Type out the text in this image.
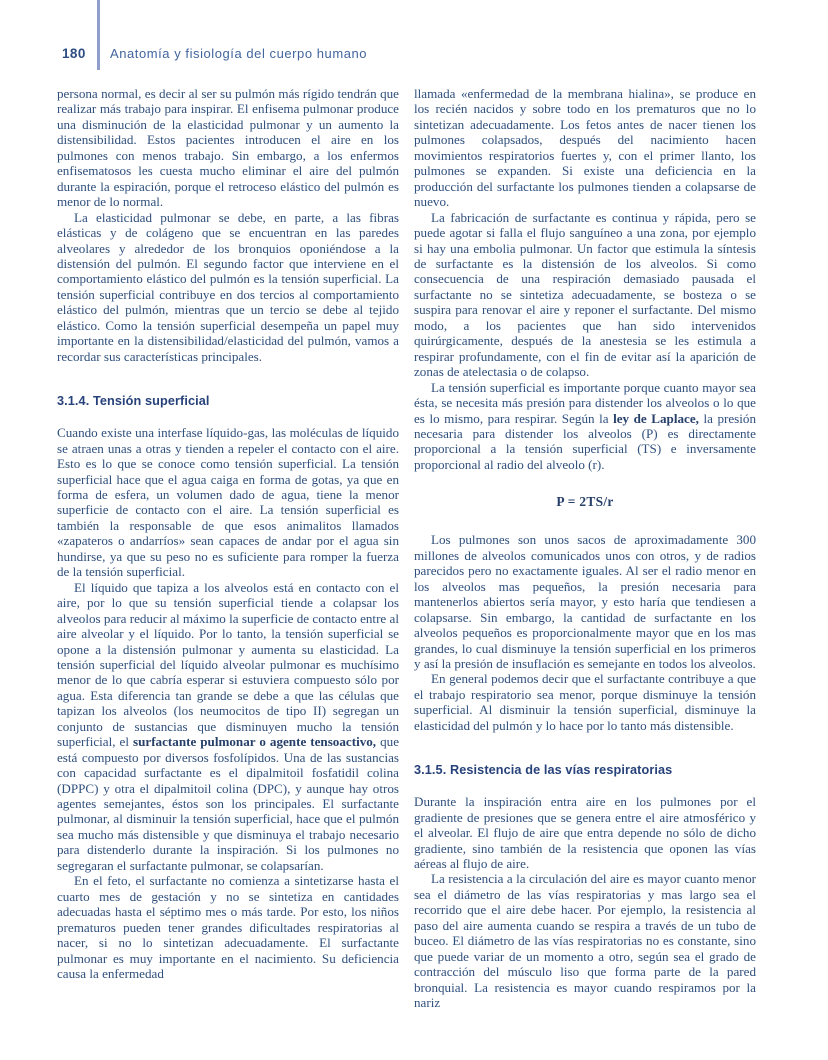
180 Anatomía y fisiología del cuerpo humano

persona normal, es decir al ser su pulmón más rígido tendrán que realizar más trabajo para inspirar. El enfisema pulmonar produce una disminución de la elasticidad pulmonar y un aumento la distensibilidad. Estos pacientes introducen el aire en los pulmones con menos trabajo. Sin embargo, a los enfermos enfisematosos les cuesta mucho eliminar el aire del pulmón durante la espiración, porque el retroceso elástico del pulmón es menor de lo normal.

La elasticidad pulmonar se debe, en parte, a las fibras elásticas y de colágeno que se encuentran en las paredes alveolares y alrededor de los bronquios oponiéndose a la distensión del pulmón. El segundo factor que interviene en el comportamiento elástico del pulmón es la tensión superficial. La tensión superficial contribuye en dos tercios al comportamiento elástico del pulmón, mientras que un tercio se debe al tejido elástico. Como la tensión superficial desempeña un papel muy importante en la distensibilidad/elasticidad del pulmón, vamos a recordar sus características principales.

3.1.4. Tensión superficial

Cuando existe una interfase líquido-gas, las moléculas de líquido se atraen unas a otras y tienden a repeler el contacto con el aire. Esto es lo que se conoce como tensión superficial. La tensión superficial hace que el agua caiga en forma de gotas, ya que en forma de esfera, un volumen dado de agua, tiene la menor superficie de contacto con el aire. La tensión superficial es también la responsable de que esos animalitos llamados «zapateros o andarríos» sean capaces de andar por el agua sin hundirse, ya que su peso no es suficiente para romper la fuerza de la tensión superficial.

El líquido que tapiza a los alveolos está en contacto con el aire, por lo que su tensión superficial tiende a colapsar los alveolos para reducir al máximo la superficie de contacto entre al aire alveolar y el líquido. Por lo tanto, la tensión superficial se opone a la distensión pulmonar y aumenta su elasticidad. La tensión superficial del líquido alveolar pulmonar es muchísimo menor de lo que cabría esperar si estuviera compuesto sólo por agua. Esta diferencia tan grande se debe a que las células que tapizan los alveolos (los neumocitos de tipo II) segregan un conjunto de sustancias que disminuyen mucho la tensión superficial, el surfactante pulmonar o agente tensoactivo, que está compuesto por diversos fosfolípidos. Una de las sustancias con capacidad surfactante es el dipalmitoil fosfatidil colina (DPPC) y otra el dipalmitoil colina (DPC), y aunque hay otros agentes semejantes, éstos son los principales. El surfactante pulmonar, al disminuir la tensión superficial, hace que el pulmón sea mucho más distensible y que disminuya el trabajo necesario para distenderlo durante la inspiración. Si los pulmones no segregaran el surfactante pulmonar, se colapsarían.

En el feto, el surfactante no comienza a sintetizarse hasta el cuarto mes de gestación y no se sintetiza en cantidades adecuadas hasta el séptimo mes o más tarde. Por esto, los niños prematuros pueden tener grandes dificultades respiratorias al nacer, si no lo sintetizan adecuadamente. El surfactante pulmonar es muy importante en el nacimiento. Su deficiencia causa la enfermedad

llamada «enfermedad de la membrana hialina», se produce en los recién nacidos y sobre todo en los prematuros que no lo sintetizan adecuadamente. Los fetos antes de nacer tienen los pulmones colapsados, después del nacimiento hacen movimientos respiratorios fuertes y, con el primer llanto, los pulmones se expanden. Si existe una deficiencia en la producción del surfactante los pulmones tienden a colapsarse de nuevo.

La fabricación de surfactante es continua y rápida, pero se puede agotar si falla el flujo sanguíneo a una zona, por ejemplo si hay una embolia pulmonar. Un factor que estimula la síntesis de surfactante es la distensión de los alveolos. Si como consecuencia de una respiración demasiado pausada el surfactante no se sintetiza adecuadamente, se bosteza o se suspira para renovar el aire y reponer el surfactante. Del mismo modo, a los pacientes que han sido intervenidos quirúrgicamente, después de la anestesia se les estimula a respirar profundamente, con el fin de evitar así la aparición de zonas de atelectasia o de colapso.

La tensión superficial es importante porque cuanto mayor sea ésta, se necesita más presión para distender los alveolos o lo que es lo mismo, para respirar. Según la ley de Laplace, la presión necesaria para distender los alveolos (P) es directamente proporcional a la tensión superficial (TS) e inversamente proporcional al radio del alveolo (r).

P = 2TS/r

Los pulmones son unos sacos de aproximadamente 300 millones de alveolos comunicados unos con otros, y de radios parecidos pero no exactamente iguales. Al ser el radio menor en los alveolos mas pequeños, la presión necesaria para mantenerlos abiertos sería mayor, y esto haría que tendiesen a colapsarse. Sin embargo, la cantidad de surfactante en los alveolos pequeños es proporcionalmente mayor que en los mas grandes, lo cual disminuye la tensión superficial en los primeros y así la presión de insuflación es semejante en todos los alveolos.

En general podemos decir que el surfactante contribuye a que el trabajo respiratorio sea menor, porque disminuye la tensión superficial. Al disminuir la tensión superficial, disminuye la elasticidad del pulmón y lo hace por lo tanto más distensible.

3.1.5. Resistencia de las vías respiratorias

Durante la inspiración entra aire en los pulmones por el gradiente de presiones que se genera entre el aire atmosférico y el alveolar. El flujo de aire que entra depende no sólo de dicho gradiente, sino también de la resistencia que oponen las vías aéreas al flujo de aire.

La resistencia a la circulación del aire es mayor cuanto menor sea el diámetro de las vías respiratorias y mas largo sea el recorrido que el aire debe hacer. Por ejemplo, la resistencia al paso del aire aumenta cuando se respira a través de un tubo de buceo. El diámetro de las vías respiratorias no es constante, sino que puede variar de un momento a otro, según sea el grado de contracción del músculo liso que forma parte de la pared bronquial. La resistencia es mayor cuando respiramos por la nariz
